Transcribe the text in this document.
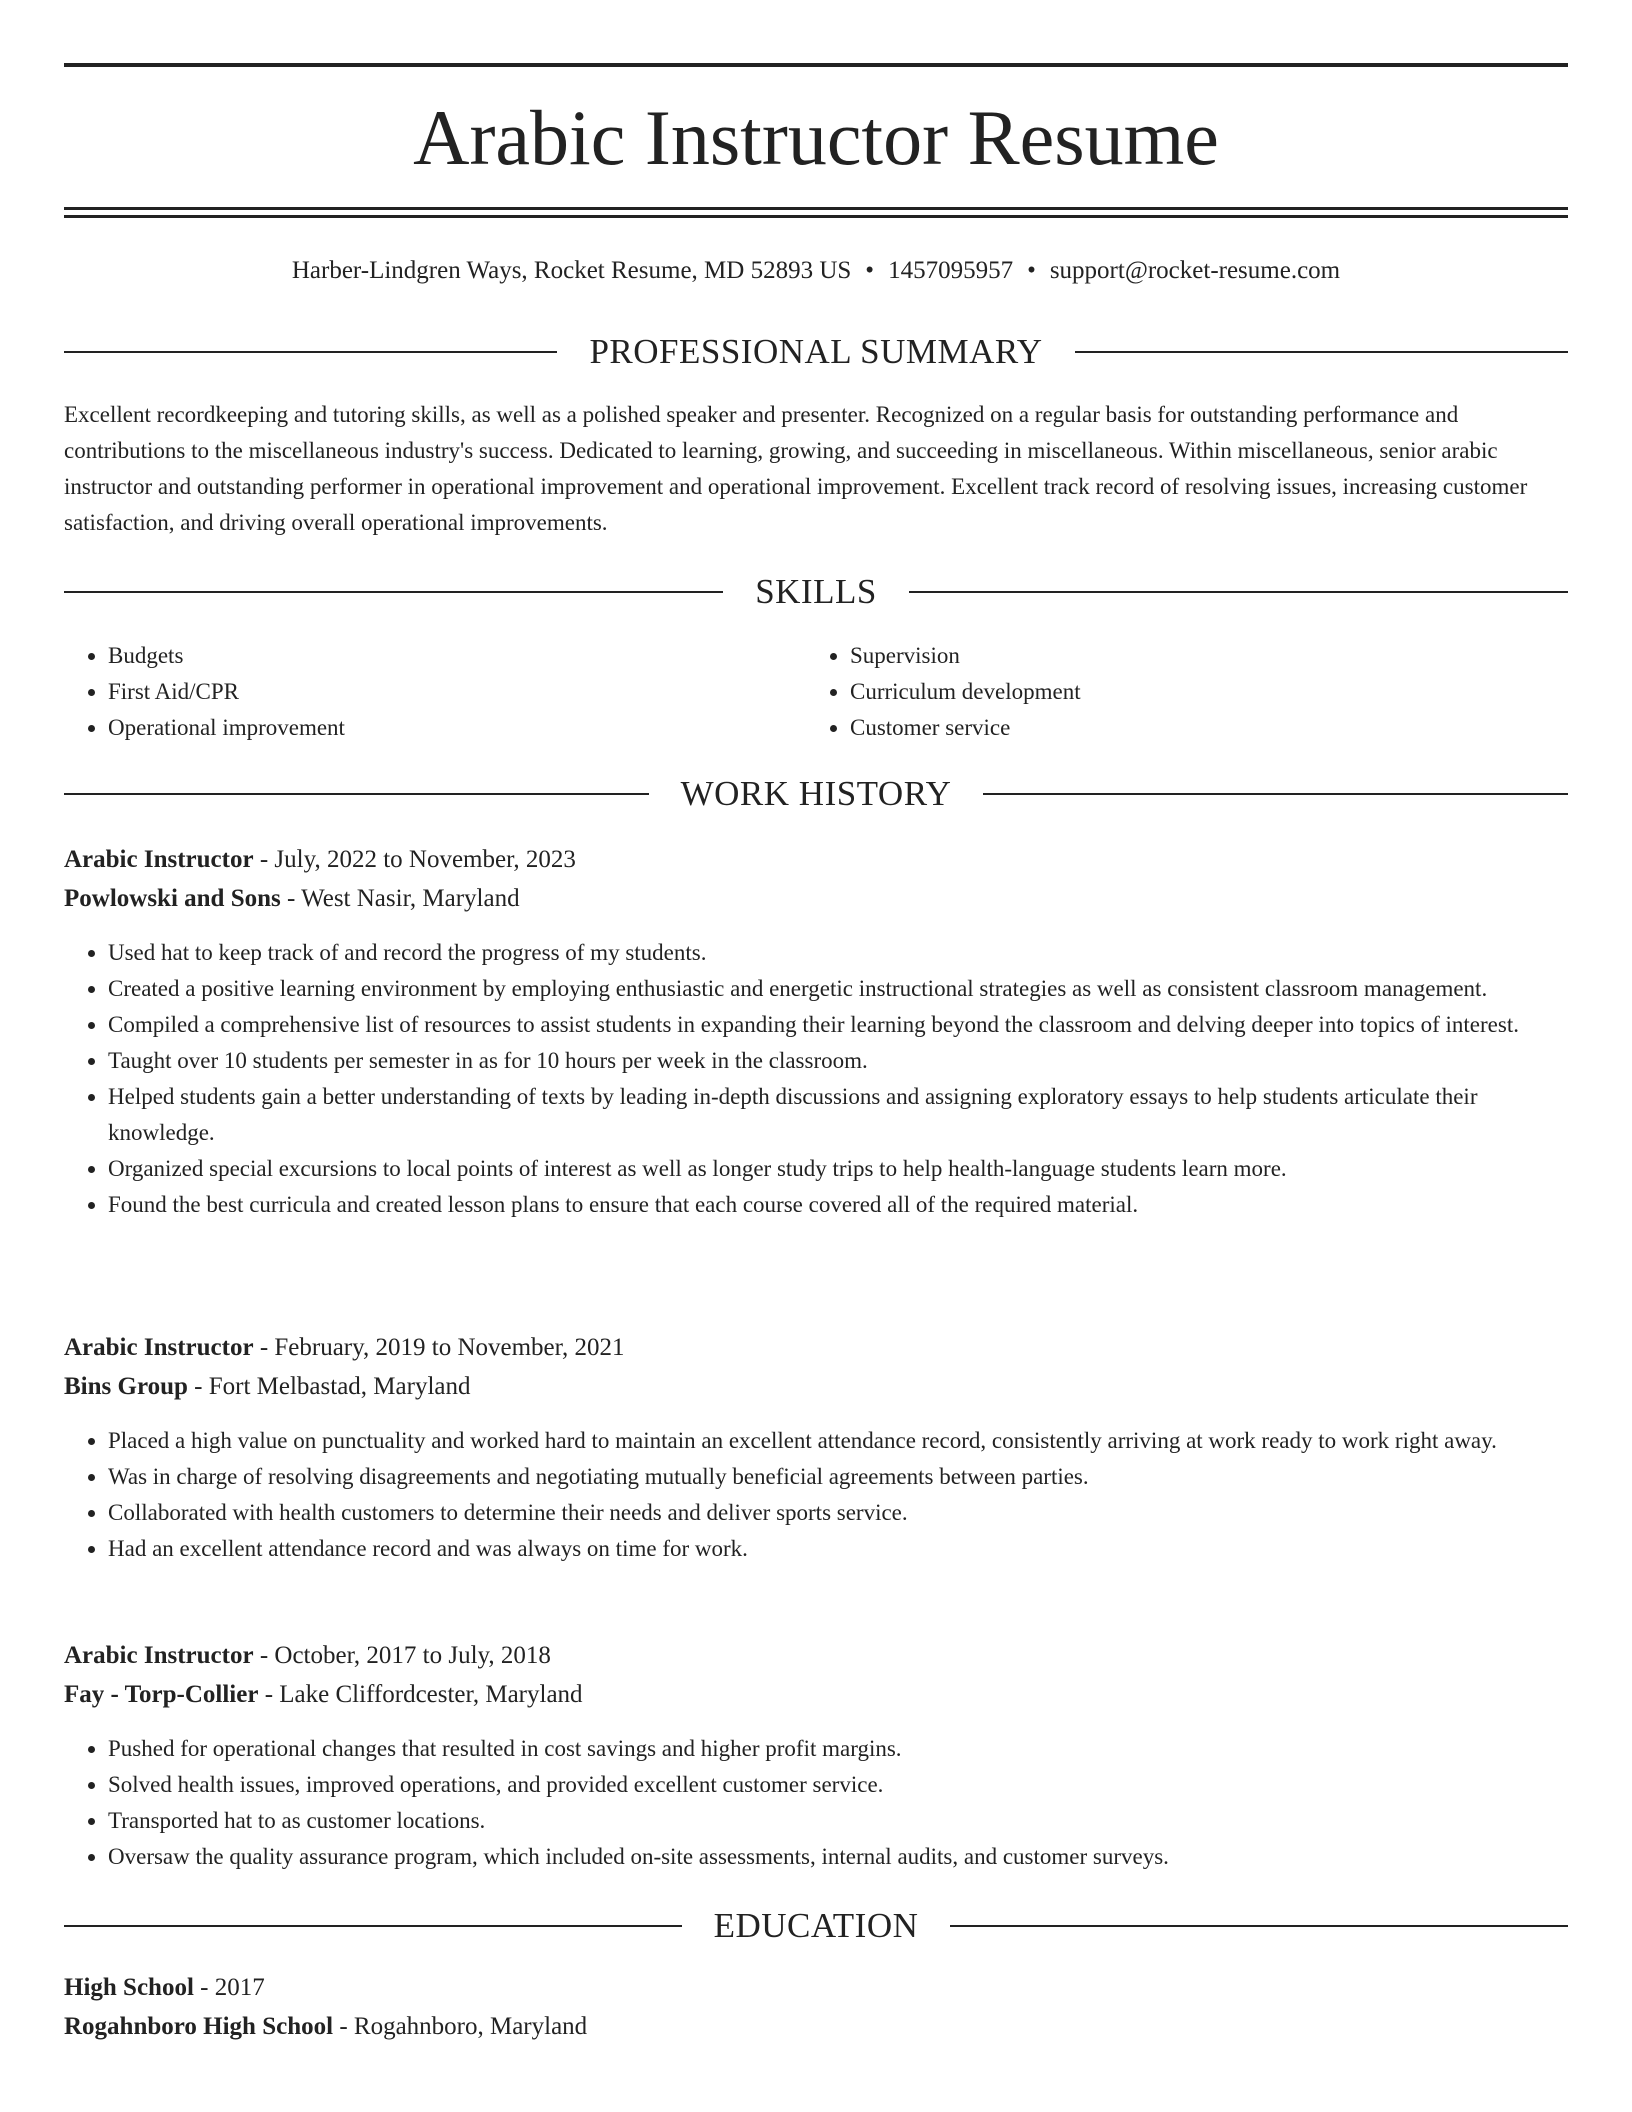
Arabic Instructor Resume
Harber-Lindgren Ways, Rocket Resume, MD 52893 US • 1457095957 • support@rocket-resume.com
PROFESSIONAL SUMMARY

Excellent recordkeeping and tutoring skills, as well as a polished speaker and presenter. Recognized on a regular basis for outstanding performance and contributions to the miscellaneous industry's success. Dedicated to learning, growing, and succeeding in miscellaneous. Within miscellaneous, senior arabic instructor and outstanding performer in operational improvement and operational improvement. Excellent track record of resolving issues, increasing customer satisfaction, and driving overall operational improvements.

SKILLS
• Budgets
• First Aid/CPR
• Operational improvement
• Supervision
• Curriculum development
• Customer service
WORK HISTORY
Arabic Instructor - July, 2022 to November, 2023
Powlowski and Sons - West Nasir, Maryland
• Used hat to keep track of and record the progress of my students.
• Created a positive learning environment by employing enthusiastic and energetic instructional strategies as well as consistent classroom management.
• Compiled a comprehensive list of resources to assist students in expanding their learning beyond the classroom and delving deeper into topics of interest.
• Taught over 10 students per semester in as for 10 hours per week in the classroom.
• Helped students gain a better understanding of texts by leading in-depth discussions and assigning exploratory essays to help students articulate their knowledge.
• Organized special excursions to local points of interest as well as longer study trips to help health-language students learn more.
• Found the best curricula and created lesson plans to ensure that each course covered all of the required material.
Arabic Instructor - February, 2019 to November, 2021
Bins Group - Fort Melbastad, Maryland
• Placed a high value on punctuality and worked hard to maintain an excellent attendance record, consistently arriving at work ready to work right away.
• Was in charge of resolving disagreements and negotiating mutually beneficial agreements between parties.
• Collaborated with health customers to determine their needs and deliver sports service.
• Had an excellent attendance record and was always on time for work.
Arabic Instructor - October, 2017 to July, 2018
Fay - Torp-Collier - Lake Cliffordcester, Maryland
• Pushed for operational changes that resulted in cost savings and higher profit margins.
• Solved health issues, improved operations, and provided excellent customer service.
• Transported hat to as customer locations.
• Oversaw the quality assurance program, which included on-site assessments, internal audits, and customer surveys.
EDUCATION
High School - 2017
Rogahnboro High School - Rogahnboro, Maryland
